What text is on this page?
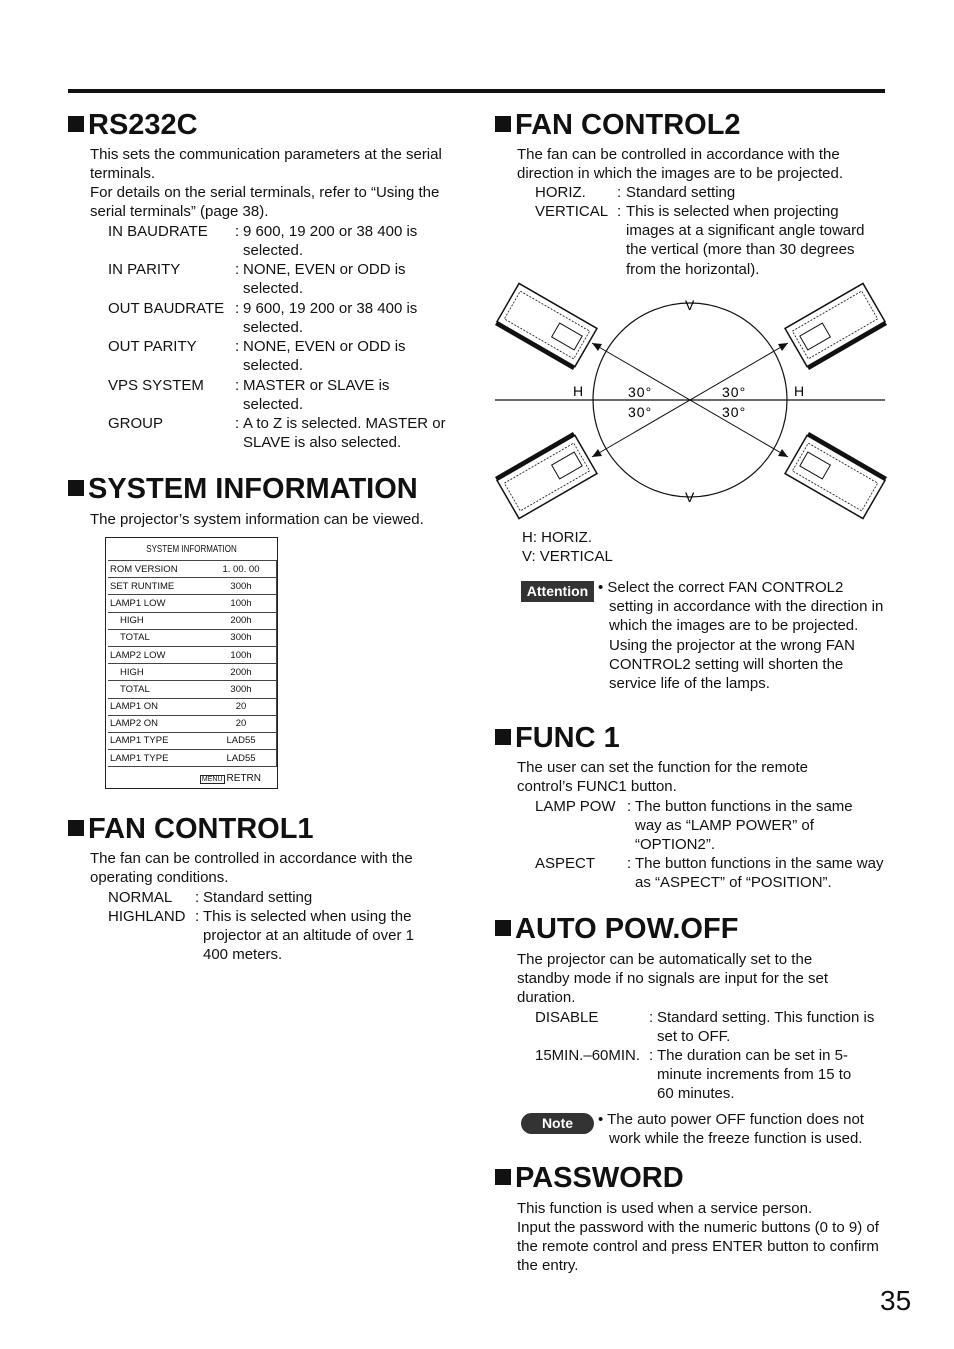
RS232C
This sets the communication parameters at the serial terminals.
For details on the serial terminals, refer to “Using the serial terminals” (page 38).
IN BAUDRATE : 9 600, 19 200 or 38 400 is selected.
IN PARITY	: NONE, EVEN or ODD is selected.
OUT BAUDRATE : 9 600, 19 200 or 38 400 is selected.
OUT PARITY	: NONE, EVEN or ODD is selected.
VPS SYSTEM : MASTER or SLAVE is selected.
GROUP	: A to Z is selected. MASTER or SLAVE is also selected.
SYSTEM INFORMATION
The projector’s system information can be viewed.
SYSTEM INFORMATION
ROM VERSION	1. 00. 00
SET RUNTIME	300h
LAMP1 LOW	100h
HIGH	200h
TOTAL	300h
LAMP2 LOW	100h
HIGH	200h
TOTAL	300h
LAMP1 ON	20
LAMP2 ON	20
LAMP1 TYPE	LAD55
LAMP1 TYPE	LAD55
MENU RETRN
FAN CONTROL1
The fan can be controlled in accordance with the operating conditions.
NORMAL : Standard setting
HIGHLAND : This is selected when using the projector at an altitude of over 1 400 meters.
FAN CONTROL2
The fan can be controlled in accordance with the direction in which the images are to be projected.
HORIZ. : Standard setting
VERTICAL : This is selected when projecting images at a significant angle toward the vertical (more than 30 degrees from the horizontal).
V
V
H	H
30°	30°
30°	30°
H: HORIZ.
V: VERTICAL
Attention • Select the correct FAN CONTROL2 setting in accordance with the direction in which the images are to be projected. Using the projector at the wrong FAN CONTROL2 setting will shorten the service life of the lamps.
FUNC 1
The user can set the function for the remote control’s FUNC1 button.
LAMP POW : The button functions in the same way as “LAMP POWER” of “OPTION2”.
ASPECT : The button functions in the same way as “ASPECT” of “POSITION”.
AUTO POW.OFF
The projector can be automatically set to the standby mode if no signals are input for the set duration.
DISABLE	: Standard setting. This function is set to OFF.
15MIN.–60MIN. : The duration can be set in 5-minute increments from 15 to 60 minutes.
Note	• The auto power OFF function does not work while the freeze function is used.
PASSWORD
This function is used when a service person.
Input the password with the numeric buttons (0 to 9) of the remote control and press ENTER button to confirm the entry.
35
